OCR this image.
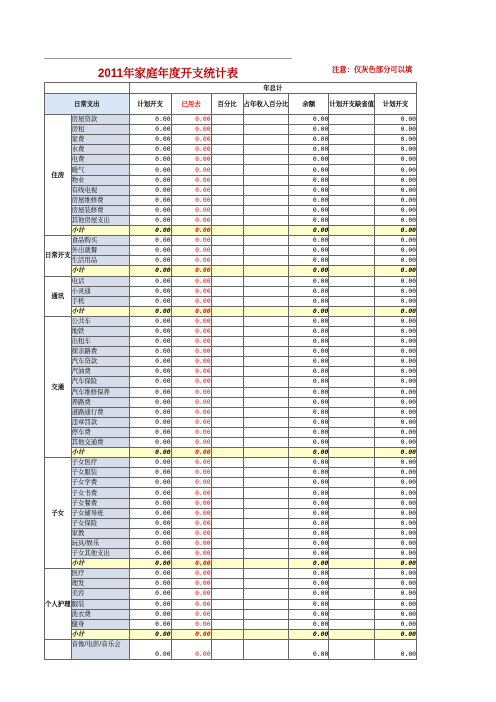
2011年家庭年度开支统计表	注意：仅灰色部分可以填
		年总计						
日常支出		计划开支	已用去	百分比	占年收入百分比	余额	计划开支缺省值	计划开支
住房	房屋贷款	0.00	0.00			0.00		0.00
	房租	0.00	0.00			0.00		0.00
	家费	0.00	0.00			0.00		0.00
	水费	0.00	0.00			0.00		0.00
	电费	0.00	0.00			0.00		0.00
	暖气	0.00	0.00			0.00		0.00
	物业	0.00	0.00			0.00		0.00
	有线电视	0.00	0.00			0.00		0.00
	房屋维修费	0.00	0.00			0.00		0.00
	房屋装修费	0.00	0.00			0.00		0.00
	其他房屋支出	0.00	0.00			0.00		0.00
	小计	0.00	0.00			0.00		0.00
日常开支	食品购买	0.00	0.00			0.00		0.00
	外出就餐	0.00	0.00			0.00		0.00
	生活用品	0.00	0.00			0.00		0.00
	小计	0.00	0.00			0.00		0.00
通讯	电话	0.00	0.00			0.00		0.00
	小灵通	0.00	0.00			0.00		0.00
	手机	0.00	0.00			0.00		0.00
	小计	0.00	0.00			0.00		0.00
交通	公共车	0.00	0.00			0.00		0.00
	地铁	0.00	0.00			0.00		0.00
	出租车	0.00	0.00			0.00		0.00
	探亲路费	0.00	0.00			0.00		0.00
	汽车贷款	0.00	0.00			0.00		0.00
	汽油费	0.00	0.00			0.00		0.00
	汽车保险	0.00	0.00			0.00		0.00
	汽车维修保养	0.00	0.00			0.00		0.00
	养路费	0.00	0.00			0.00		0.00
	道路通行费	0.00	0.00			0.00		0.00
	违章罚款	0.00	0.00			0.00		0.00
	停车费	0.00	0.00			0.00		0.00
	其他交通费	0.00	0.00			0.00		0.00
	小计	0.00	0.00			0.00		0.00
子女	子女医疗	0.00	0.00			0.00		0.00
	子女服装	0.00	0.00			0.00		0.00
	子女学费	0.00	0.00			0.00		0.00
	子女书费	0.00	0.00			0.00		0.00
	子女餐费	0.00	0.00			0.00		0.00
	子女辅导班	0.00	0.00			0.00		0.00
	子女保险	0.00	0.00			0.00		0.00
	家教	0.00	0.00			0.00		0.00
	玩具/娱乐	0.00	0.00			0.00		0.00
	子女其他支出	0.00	0.00			0.00		0.00
	小计	0.00	0.00			0.00		0.00
个人护理	医疗	0.00	0.00			0.00		0.00
	理发	0.00	0.00			0.00		0.00
	美容	0.00	0.00			0.00		0.00
	服装	0.00	0.00			0.00		0.00
	洗衣费	0.00	0.00			0.00		0.00
	健身	0.00	0.00			0.00		0.00
	小计	0.00	0.00			0.00		0.00
	音像/电影/音乐会	0.00	0.00			0.00		0.00
